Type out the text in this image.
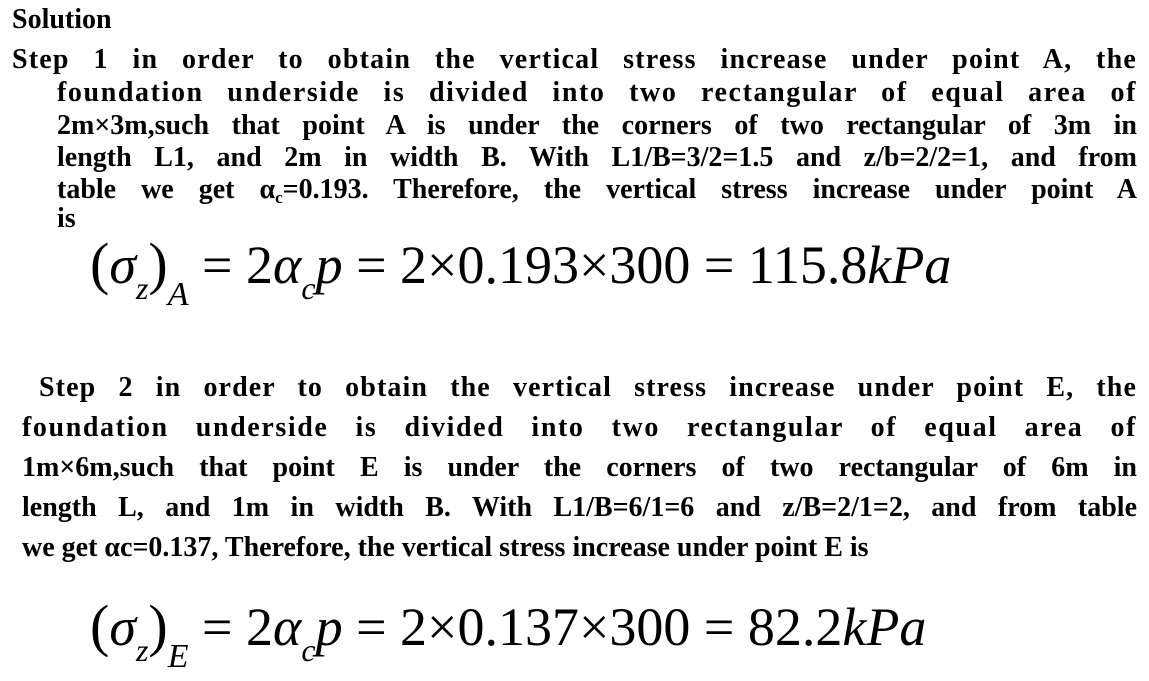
Solution
Step 1 in order to obtain the vertical stress increase under point A, the
foundation underside is divided into two rectangular of equal area of
2m×3m,such that point A is under the corners of two rectangular of 3m in
length L1, and 2m in width B. With L1/B=3/2=1.5 and z/b=2/2=1, and from
table we get $\alpha_c=0.193$. Therefore, the vertical stress increase under point A
is
$(\sigma_z)_A = 2\alpha_cp = 2\times 0.193\times 300 = 115.8kPa$
Step 2 in order to obtain the vertical stress increase under point E, the
foundation underside is divided into two rectangular of equal area of
1m×6m,such that point E is under the corners of two rectangular of 6m in
length L, and 1m in width B. With L1/B=6/1=6 and z/B=2/1=2, and from table
we get αc=0.137, Therefore, the vertical stress increase under point E is
$(\sigma_z)_E = 2\alpha_cp = 2\times 0.137\times 300 = 82.2kPa$
